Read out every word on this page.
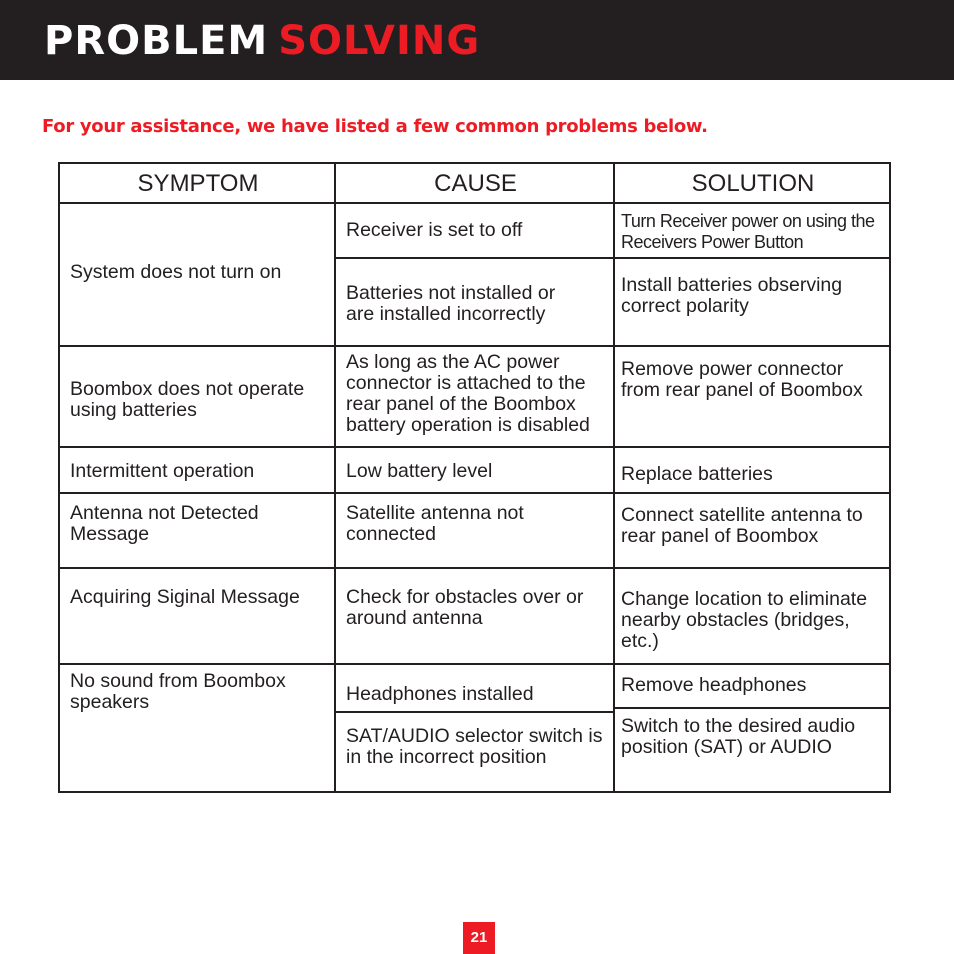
PROBLEM SOLVING
For your assistance, we have listed a few common problems below.
SYMPTOM	CAUSE	SOLUTION
System does not turn on
Boombox does not operate using batteries
Intermittent operation
Antenna not Detected Message
Acquiring Siginal Message
No sound from Boombox speakers
Receiver is set to off
Batteries not installed or are installed incorrectly
As long as the AC power connector is attached to the rear panel of the Boombox battery operation is disabled
Low battery level
Satellite antenna not connected
Check for obstacles over or around antenna
Headphones installed
SAT/AUDIO selector switch is in the incorrect position
Turn Receiver power on using the Receivers Power Button
Install batteries observing correct polarity
Remove power connector from rear panel of Boombox
Replace batteries
Connect satellite antenna to rear panel of Boombox
Change location to eliminate nearby obstacles (bridges, etc.)
Remove headphones
Switch to the desired audio position (SAT) or AUDIO
21
